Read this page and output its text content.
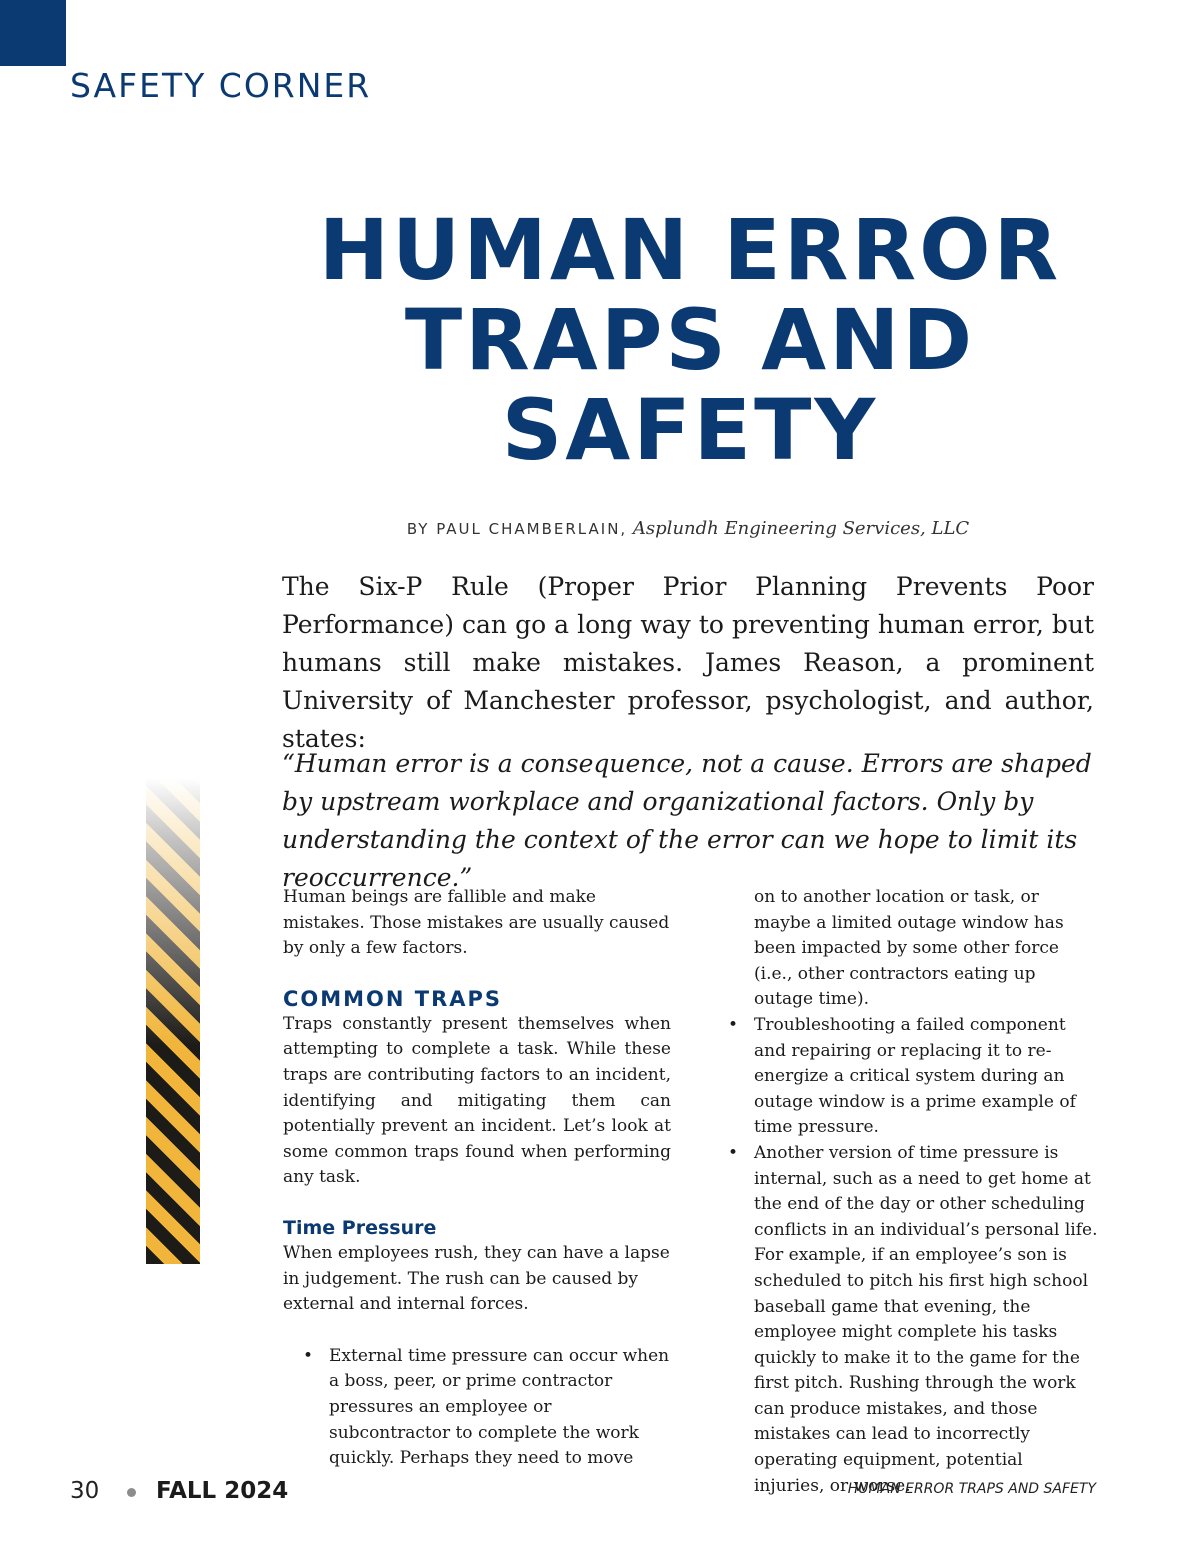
SAFETY CORNER
HUMAN ERROR
TRAPS AND
SAFETY
BY PAUL CHAMBERLAIN, Asplundh Engineering Services, LLC

The Six-P Rule (Proper Prior Planning Prevents Poor Performance) can go a long way to preventing human error, but humans still make mistakes. James Reason, a prominent University of Manchester professor, psychologist, and author, states:

“Human error is a consequence, not a cause. Errors are shaped by upstream workplace and organizational factors. Only by understanding the context of the error can we hope to limit its reoccurrence.”

Human beings are fallible and make mistakes. Those mistakes are usually caused by only a few factors.

COMMON TRAPS

Traps constantly present themselves when attempting to complete a task. While these traps are contributing factors to an incident, identifying and mitigating them can potentially prevent an incident. Let’s look at some common traps found when performing any task.

Time Pressure

When employees rush, they can have a lapse in judgement. The rush can be caused by external and internal forces.

• External time pressure can occur when a boss, peer, or prime contractor pressures an employee or subcontractor to complete the work quickly. Perhaps they need to move

on to another location or task, or maybe a limited outage window has been impacted by some other force (i.e., other contractors eating up outage time).

• Troubleshooting a failed component and repairing or replacing it to re-energize a critical system during an outage window is a prime example of time pressure.
• Another version of time pressure is internal, such as a need to get home at the end of the day or other scheduling conflicts in an individual’s personal life. For example, if an employee’s son is scheduled to pitch his first high school baseball game that evening, the employee might complete his tasks quickly to make it to the game for the first pitch. Rushing through the work can produce mistakes, and those mistakes can lead to incorrectly operating equipment, potential injuries, or worse.
30 FALL 2024	HUMAN ERROR TRAPS AND SAFETY
